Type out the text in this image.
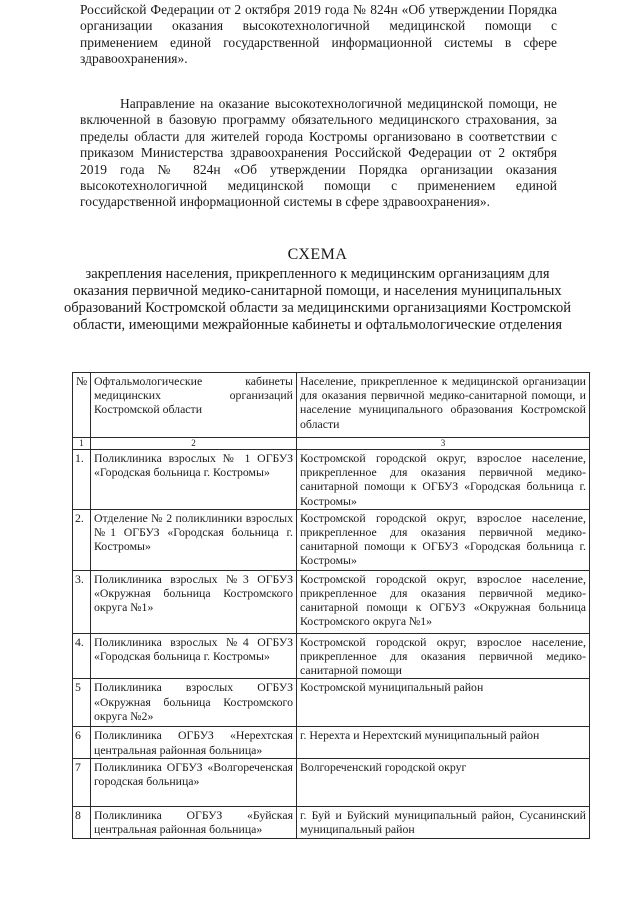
Российской Федерации от 2 октября 2019 года № 824н «Об утверждении Порядка организации оказания высокотехнологичной медицинской помощи с применением единой государственной информационной системы в сфере здравоохранения».

Направление на оказание высокотехнологичной медицинской помощи, не включенной в базовую программу обязательного медицинского страхования, за пределы области для жителей города Костромы организовано в соответствии с приказом Министерства здравоохранения Российской Федерации от 2 октября 2019 года № 824н «Об утверждении Порядка организации оказания высокотехнологичной медицинской помощи с применением единой государственной информационной системы в сфере здравоохранения».

СХЕМА

закрепления населения, прикрепленного к медицинским организациям для оказания первичной медико-санитарной помощи, и населения муниципальных образований Костромской области за медицинскими организациями Костромской области, имеющими межрайонные кабинеты и офтальмологические отделения

№	Офтальмологические кабинеты медицинских организаций Костромской области	Население, прикрепленное к медицинской организации для оказания первичной медико-санитарной помощи, и население муниципального образования Костромской области
1	2	3
1.	Поликлиника взрослых № 1 ОГБУЗ «Городская больница г. Костромы»	Костромской городской округ, взрослое население, прикрепленное для оказания первичной медико-санитарной помощи к ОГБУЗ «Городская больница г. Костромы»
2.	Отделение № 2 поликлиники взрослых №1 ОГБУЗ «Городская больница г. Костромы»	Костромской городской округ, взрослое население, прикрепленное для оказания первичной медико-санитарной помощи к ОГБУЗ «Городская больница г. Костромы»
3.	Поликлиника взрослых №3 ОГБУЗ «Окружная больница Костромского округа №1»	Костромской городской округ, взрослое население, прикрепленное для оказания первичной медико-санитарной помощи к ОГБУЗ «Окружная больница Костромского округа №1»
4.	Поликлиника взрослых №4 ОГБУЗ «Городская больница г. Костромы»	Костромской городской округ, взрослое население, прикрепленное для оказания первичной медико-санитарной помощи
5	Поликлиника взрослых ОГБУЗ «Окружная больница Костромского округа №2»	Костромской муниципальный район
6	Поликлиника ОГБУЗ «Нерехтская центральная районная больница»	г. Нерехта и Нерехтский муниципальный район
7	Поликлиника ОГБУЗ «Волгореченская городская больница»	Волгореченский городской округ
8	Поликлиника ОГБУЗ «Буйская центральная районная больница»	г. Буй и Буйский муниципальный район, Сусанинский муниципальный район
